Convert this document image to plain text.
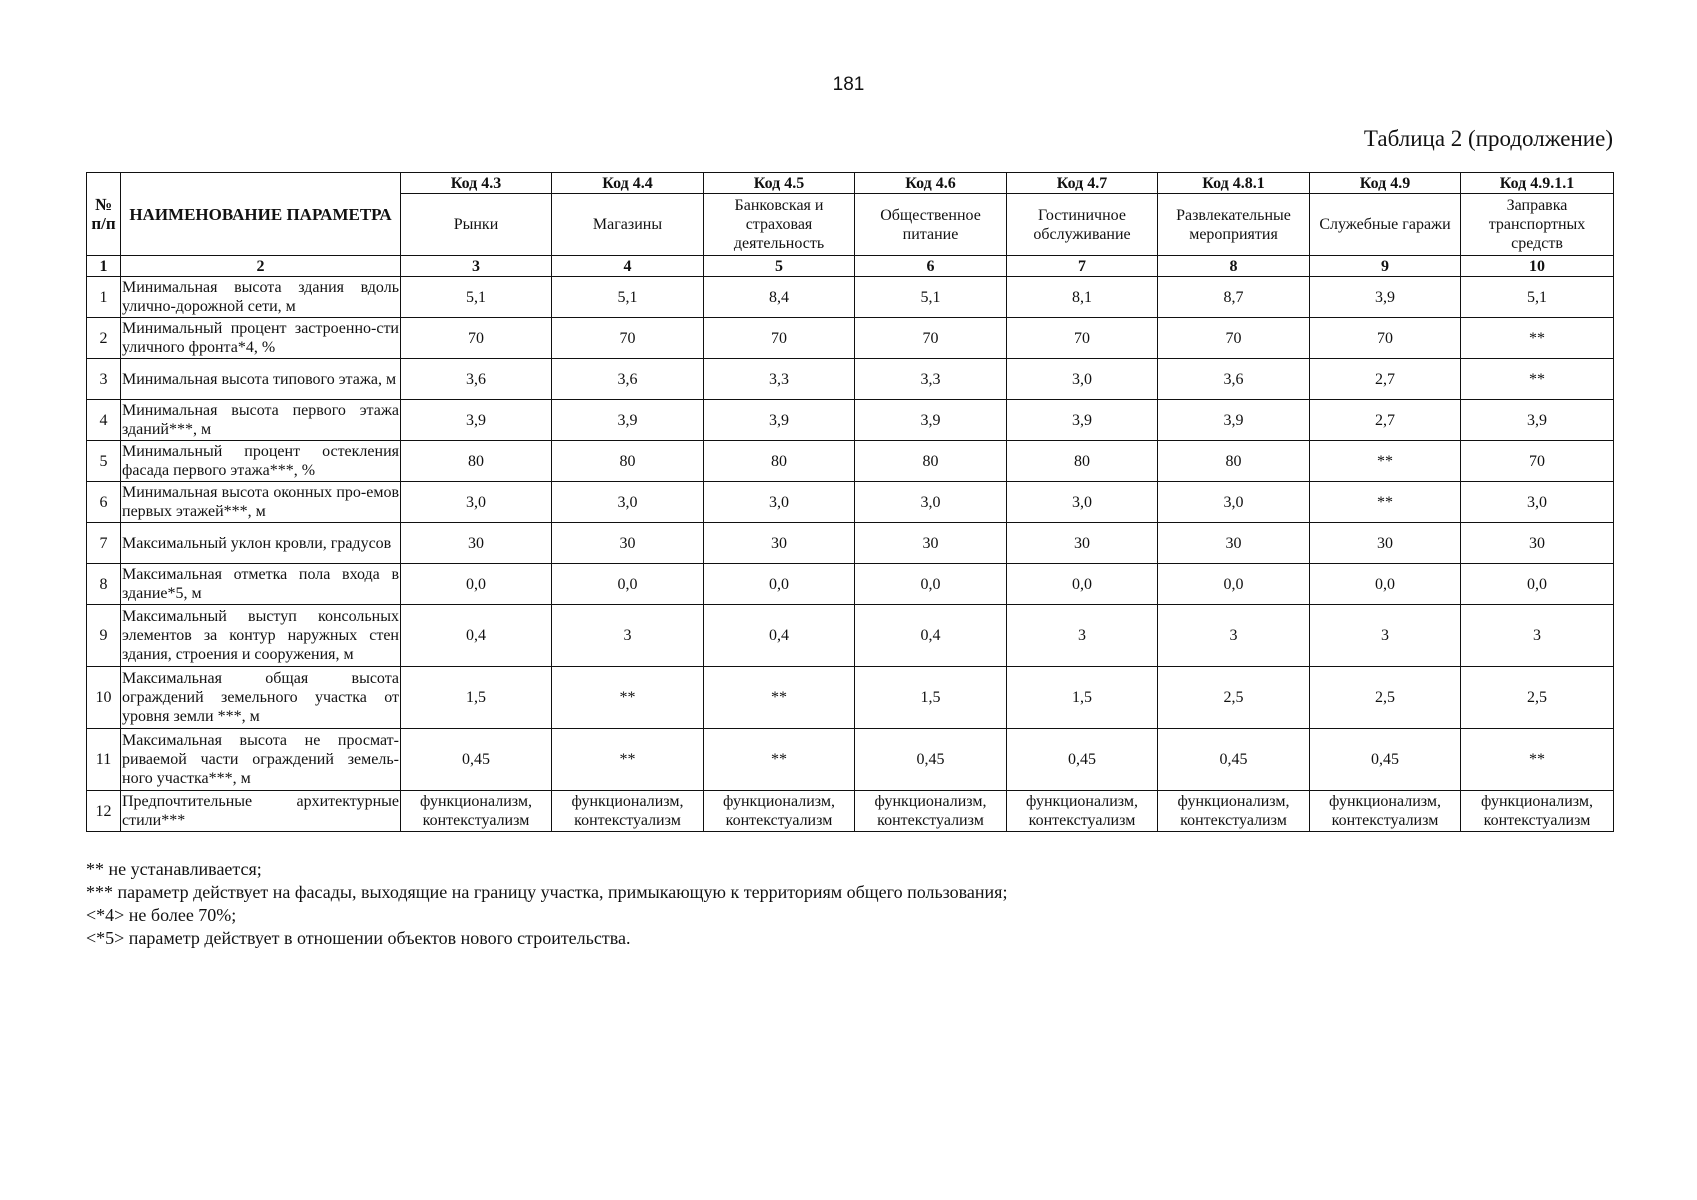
181
Таблица 2 (продолжение)
№ п/п	НАИМЕНОВАНИЕ ПАРАМЕТРА	Код 4.3	Код 4.4	Код 4.5	Код 4.6	Код 4.7	Код 4.8.1	Код 4.9	Код 4.9.1.1
		Рынки	Магазины	Банковская и страховая деятельность	Общественное питание	Гостиничное обслуживание	Развлекательные мероприятия	Служебные гаражи	Заправка транспортных средств
1	2	3	4	5	6	7	8	9	10
1	Минимальная высота здания вдоль улично-дорожной сети, м	5,1	5,1	8,4	5,1	8,1	8,7	3,9	5,1
2	Минимальный процент застроенно-сти уличного фронта*4, %	70	70	70	70	70	70	70	**
3	Минимальная высота типового этажа, м	3,6	3,6	3,3	3,3	3,0	3,6	2,7	**
4	Минимальная высота первого этажа зданий***, м	3,9	3,9	3,9	3,9	3,9	3,9	2,7	3,9
5	Минимальный процент остекления фасада первого этажа***, %	80	80	80	80	80	80	**	70
6	Минимальная высота оконных про-емов первых этажей***, м	3,0	3,0	3,0	3,0	3,0	3,0	**	3,0
7	Максимальный уклон кровли, градусов	30	30	30	30	30	30	30	30
8	Максимальная отметка пола входа в здание*5, м	0,0	0,0	0,0	0,0	0,0	0,0	0,0	0,0
9	Максимальный выступ консольных элементов за контур наружных стен здания, строения и сооружения, м	0,4	3	0,4	0,4	3	3	3	3
10	Максимальная общая высота ограждений земельного участка от уровня земли ***, м	1,5	**	**	1,5	1,5	2,5	2,5	2,5
11	Максимальная высота не просмат-риваемой части ограждений земель-ного участка***, м	0,45	**	**	0,45	0,45	0,45	0,45	**
12	Предпочтительные архитектурные стили***	функционализм, контекстуализм	функционализм, контекстуализм	функционализм, контекстуализм	функционализм, контекстуализм	функционализм, контекстуализм	функционализм, контекстуализм	функционализм, контекстуализм	функционализм, контекстуализм
** не устанавливается;
*** параметр действует на фасады, выходящие на границу участка, примыкающую к территориям общего пользования;
<*4> не более 70%;
<*5> параметр действует в отношении объектов нового строительства.
